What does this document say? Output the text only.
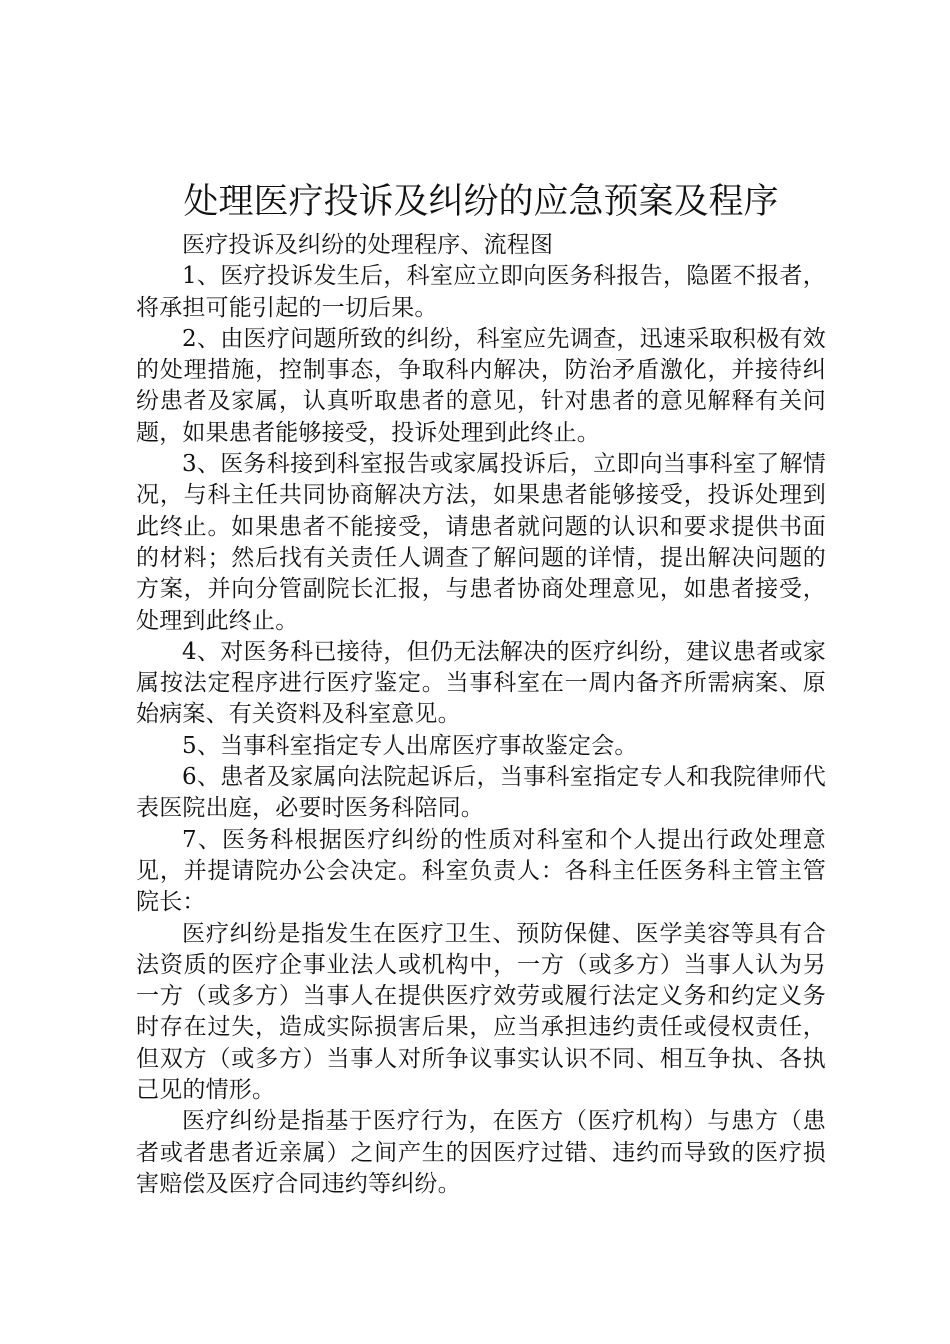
处理医疗投诉及纠纷的应急预案及程序

医疗投诉及纠纷的处理程序、流程图

1、医疗投诉发生后，科室应立即向医务科报告，隐匿不报者，将承担可能引起的一切后果。

2、由医疗问题所致的纠纷，科室应先调查，迅速采取积极有效的处理措施，控制事态，争取科内解决，防治矛盾激化，并接待纠纷患者及家属，认真听取患者的意见，针对患者的意见解释有关问题，如果患者能够接受，投诉处理到此终止。

3、医务科接到科室报告或家属投诉后，立即向当事科室了解情况，与科主任共同协商解决方法，如果患者能够接受，投诉处理到此终止。如果患者不能接受，请患者就问题的认识和要求提供书面的材料；然后找有关责任人调查了解问题的详情，提出解决问题的方案，并向分管副院长汇报，与患者协商处理意见，如患者接受，处理到此终止。

4、对医务科已接待，但仍无法解决的医疗纠纷，建议患者或家属按法定程序进行医疗鉴定。当事科室在一周内备齐所需病案、原始病案、有关资料及科室意见。

5、当事科室指定专人出席医疗事故鉴定会。

6、患者及家属向法院起诉后，当事科室指定专人和我院律师代表医院出庭，必要时医务科陪同。

7、医务科根据医疗纠纷的性质对科室和个人提出行政处理意见，并提请院办公会决定。科室负责人：各科主任医务科主管主管院长：

医疗纠纷是指发生在医疗卫生、预防保健、医学美容等具有合法资质的医疗企事业法人或机构中，一方（或多方）当事人认为另一方（或多方）当事人在提供医疗效劳或履行法定义务和约定义务时存在过失，造成实际损害后果，应当承担违约责任或侵权责任，但双方（或多方）当事人对所争议事实认识不同、相互争执、各执己见的情形。

医疗纠纷是指基于医疗行为，在医方（医疗机构）与患方（患者或者患者近亲属）之间产生的因医疗过错、违约而导致的医疗损害赔偿及医疗合同违约等纠纷。
